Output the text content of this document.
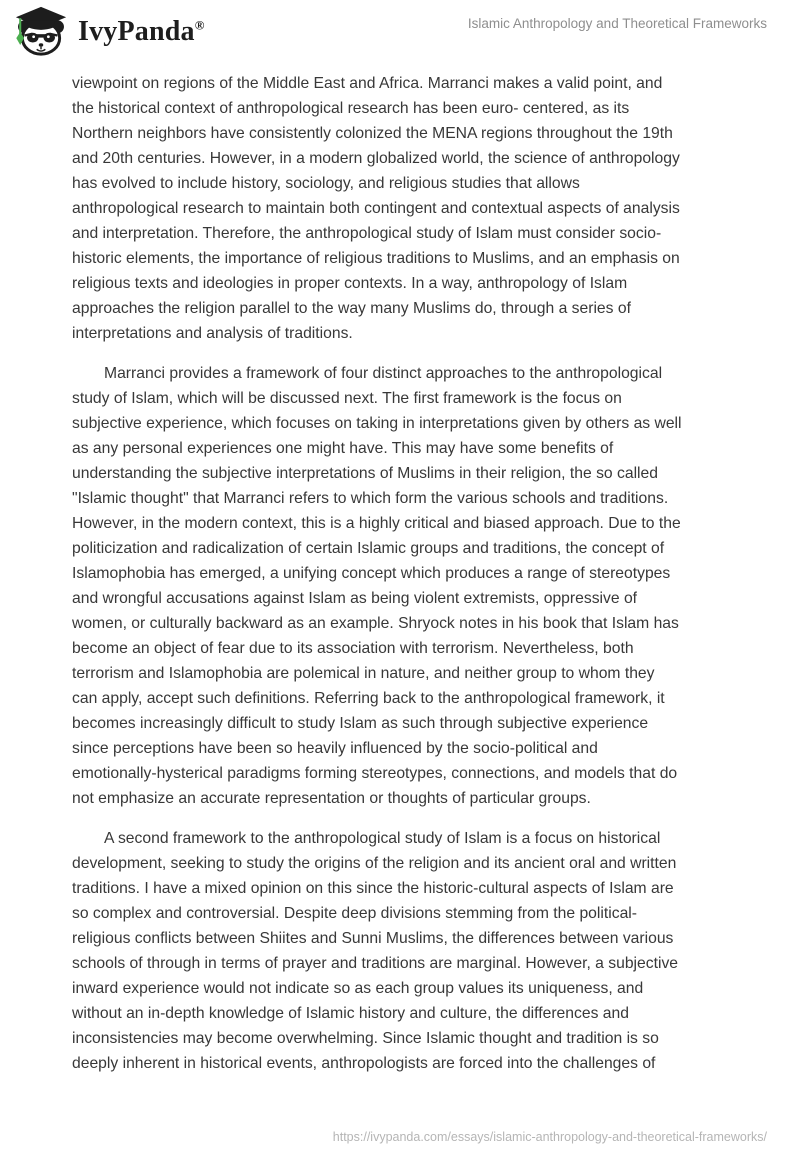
IvyPanda®	Islamic Anthropology and Theoretical Frameworks
viewpoint on regions of the Middle East and Africa. Marranci makes a valid point, and
the historical context of anthropological research has been euro- centered, as its
Northern neighbors have consistently colonized the MENA regions throughout the 19th
and 20th centuries. However, in a modern globalized world, the science of anthropology
has evolved to include history, sociology, and religious studies that allows
anthropological research to maintain both contingent and contextual aspects of analysis
and interpretation. Therefore, the anthropological study of Islam must consider socio-
historic elements, the importance of religious traditions to Muslims, and an emphasis on
religious texts and ideologies in proper contexts. In a way, anthropology of Islam
approaches the religion parallel to the way many Muslims do, through a series of
interpretations and analysis of traditions.
Marranci provides a framework of four distinct approaches to the anthropological
study of Islam, which will be discussed next. The first framework is the focus on
subjective experience, which focuses on taking in interpretations given by others as well
as any personal experiences one might have. This may have some benefits of
understanding the subjective interpretations of Muslims in their religion, the so called
"Islamic thought" that Marranci refers to which form the various schools and traditions.
However, in the modern context, this is a highly critical and biased approach. Due to the
politicization and radicalization of certain Islamic groups and traditions, the concept of
Islamophobia has emerged, a unifying concept which produces a range of stereotypes
and wrongful accusations against Islam as being violent extremists, oppressive of
women, or culturally backward as an example. Shryock notes in his book that Islam has
become an object of fear due to its association with terrorism. Nevertheless, both
terrorism and Islamophobia are polemical in nature, and neither group to whom they
can apply, accept such definitions. Referring back to the anthropological framework, it
becomes increasingly difficult to study Islam as such through subjective experience
since perceptions have been so heavily influenced by the socio-political and
emotionally-hysterical paradigms forming stereotypes, connections, and models that do
not emphasize an accurate representation or thoughts of particular groups.
A second framework to the anthropological study of Islam is a focus on historical
development, seeking to study the origins of the religion and its ancient oral and written
traditions. I have a mixed opinion on this since the historic-cultural aspects of Islam are
so complex and controversial. Despite deep divisions stemming from the political-
religious conflicts between Shiites and Sunni Muslims, the differences between various
schools of through in terms of prayer and traditions are marginal. However, a subjective
inward experience would not indicate so as each group values its uniqueness, and
without an in-depth knowledge of Islamic history and culture, the differences and
inconsistencies may become overwhelming. Since Islamic thought and tradition is so
deeply inherent in historical events, anthropologists are forced into the challenges of
https://ivypanda.com/essays/islamic-anthropology-and-theoretical-frameworks/
